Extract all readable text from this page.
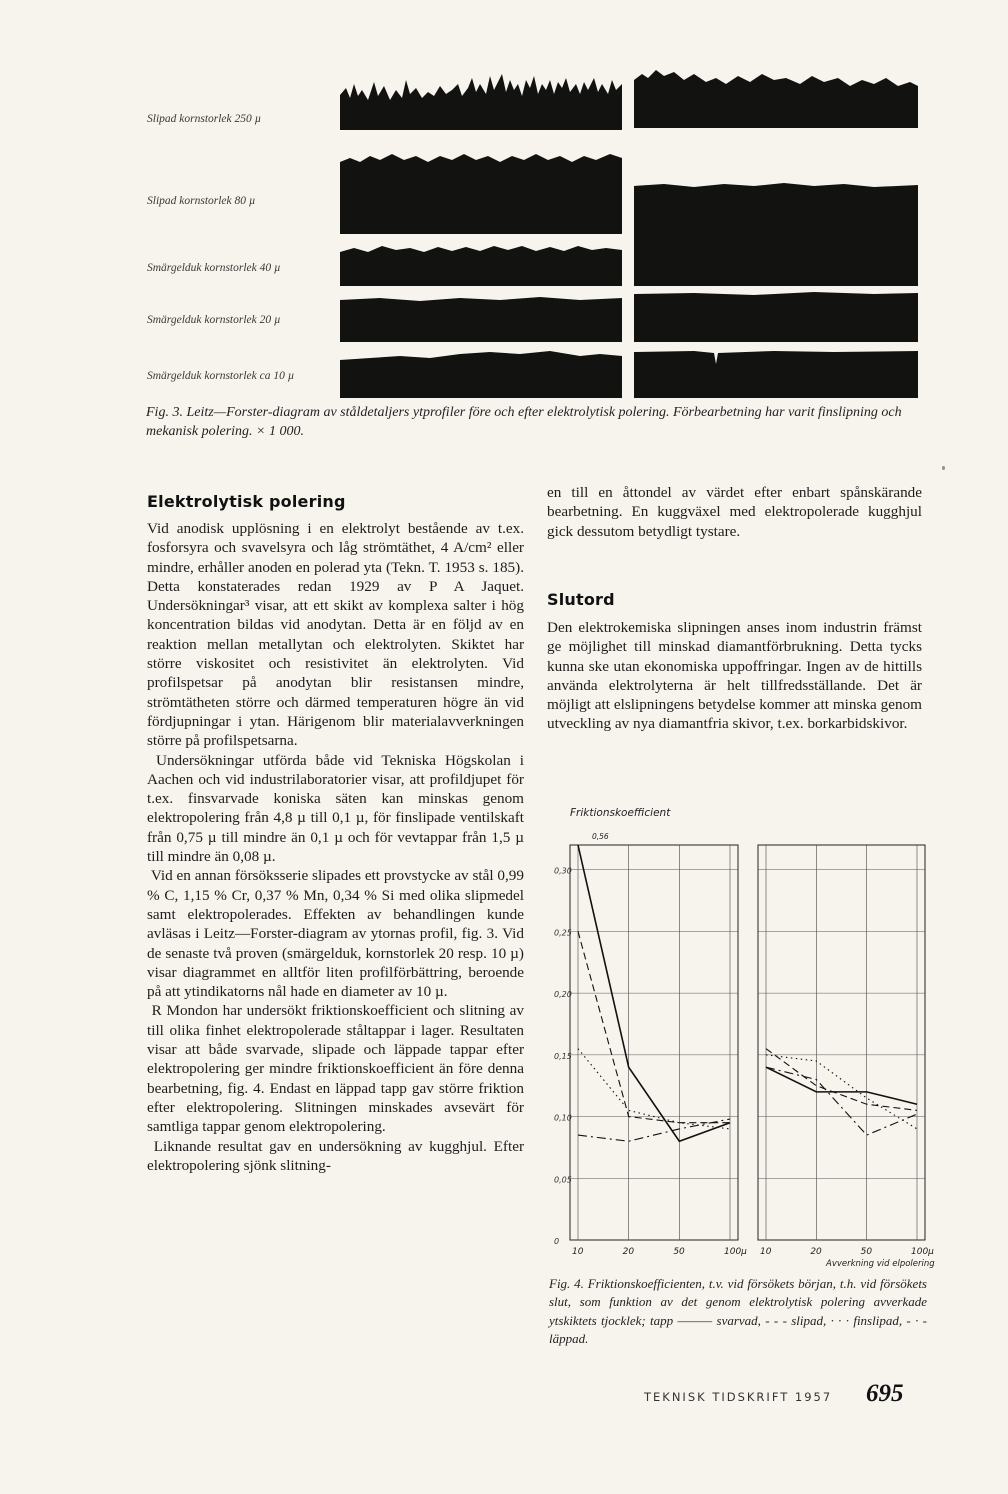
Slipad kornstorlek 250 µ
Slipad kornstorlek 80 µ
Smärgelduk kornstorlek 40 µ
Smärgelduk kornstorlek 20 µ
Smärgelduk kornstorlek ca 10 µ
Fig. 3. Leitz—Forster-diagram av ståldetaljers ytprofiler före och efter elektrolytisk polering. Förbearbetning har varit finslipning och mekanisk polering. × 1 000.
Elektrolytisk polering
Vid anodisk upplösning i en elektrolyt bestående av t.ex. fosforsyra och svavelsyra och låg strömtäthet, 4 A/cm² eller mindre, erhåller anoden en polerad yta (Tekn. T. 1953 s. 185). Detta konstaterades redan 1929 av P A Jaquet. Undersökningar³ visar, att ett skikt av komplexa salter i hög koncentration bildas vid anodytan. Detta är en följd av en reaktion mellan metallytan och elektrolyten. Skiktet har större viskositet och resistivitet än elektrolyten. Vid profilspetsar på anodytan blir resistansen mindre, strömtätheten större och därmed temperaturen högre än vid fördjupningar i ytan. Härigenom blir materialavverkningen större på profilspetsarna.
Undersökningar utförda både vid Tekniska Högskolan i Aachen och vid industrilaboratorier visar, att profildjupet för t.ex. finsvarvade koniska säten kan minskas genom elektropolering från 4,8 µ till 0,1 µ, för finslipade ventilskaft från 0,75 µ till mindre än 0,1 µ och för vevtappar från 1,5 µ till mindre än 0,08 µ.
Vid en annan försöksserie slipades ett provstycke av stål 0,99 % C, 1,15 % Cr, 0,37 % Mn, 0,34 % Si med olika slipmedel samt elektropolerades. Effekten av behandlingen kunde avläsas i Leitz—Forster-diagram av ytornas profil, fig. 3. Vid de senaste två proven (smärgelduk, kornstorlek 20 resp. 10 µ) visar diagrammet en alltför liten profilförbättring, beroende på att ytindikatorns nål hade en diameter av 10 µ.
R Mondon har undersökt friktionskoefficient och slitning av till olika finhet elektropolerade ståltappar i lager. Resultaten visar att både svarvade, slipade och läppade tappar efter elektropolering ger mindre friktionskoefficient än före denna bearbetning, fig. 4. Endast en läppad tapp gav större friktion efter elektropolering. Slitningen minskades avsevärt för samtliga tappar genom elektropolering.
Liknande resultat gav en undersökning av kugghjul. Efter elektropolering sjönk slitning-
en till en åttondel av värdet efter enbart spånskärande bearbetning. En kuggväxel med elektropolerade kugghjul gick dessutom betydligt tystare.
Slutord
Den elektrokemiska slipningen anses inom industrin främst ge möjlighet till minskad diamantförbrukning. Detta tycks kunna ske utan ekonomiska uppoffringar. Ingen av de hittills använda elektrolyterna är helt tillfredsställande. Det är möjligt att elslipningens betydelse kommer att minska genom utveckling av nya diamantfria skivor, t.ex. borkarbidskivor.
Friktionskoefficient
0
0,05
0,10
0,15
0,20
0,25
0,30
10	20	50	100µ 10	20	50	100µ
0,56
Avverkning vid elpolering
Fig. 4. Friktionskoefficienten, t.v. vid försökets början, t.h. vid försökets slut, som funktion av det genom elektrolytisk polering avverkade ytskiktets tjocklek; tapp ——— svarvad, - - - slipad, · · · finslipad, - · - läppad.
TEKNISK TIDSKRIFT 1957 695
